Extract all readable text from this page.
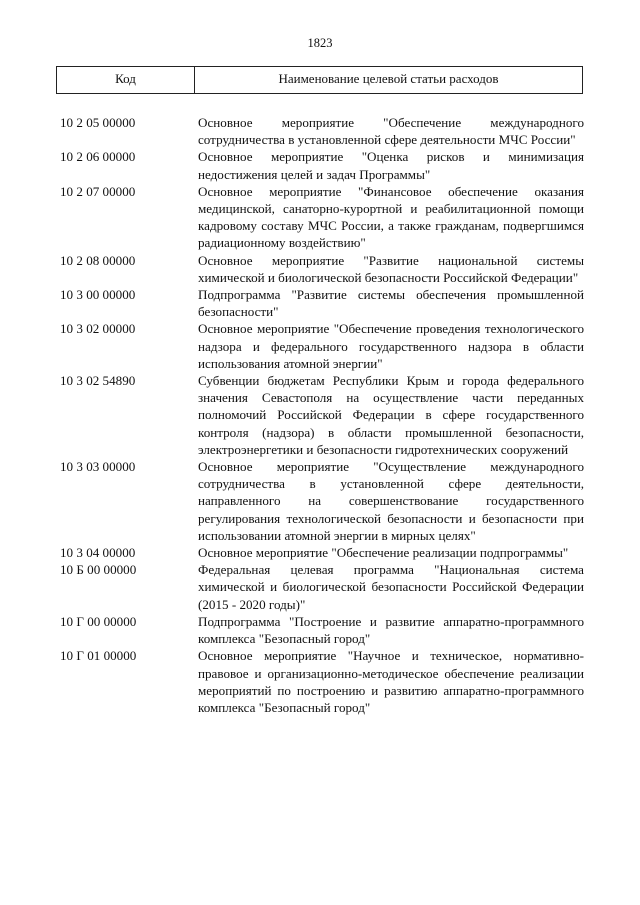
1823
Код	Наименование целевой статьи расходов
10 2 05 00000	Основное мероприятие "Обеспечение международного сотрудничества в установленной сфере деятельности МЧС России"
10 2 06 00000	Основное мероприятие "Оценка рисков и минимизация недостижения целей и задач Программы"
10 2 07 00000	Основное мероприятие "Финансовое обеспечение оказания медицинской, санаторно-курортной и реабилитационной помощи кадровому составу МЧС России, а также гражданам, подвергшимся радиационному воздействию"
10 2 08 00000	Основное мероприятие "Развитие национальной системы химической и биологической безопасности Российской Федерации"
10 3 00 00000	Подпрограмма "Развитие системы обеспечения промышленной безопасности"
10 3 02 00000	Основное мероприятие "Обеспечение проведения технологического надзора и федерального государственного надзора в области использования атомной энергии"
10 3 02 54890	Субвенции бюджетам Республики Крым и города федерального значения Севастополя на осуществление части переданных полномочий Российской Федерации в сфере государственного контроля (надзора) в области промышленной безопасности, электроэнергетики и безопасности гидротехнических сооружений
10 3 03 00000	Основное мероприятие "Осуществление международного сотрудничества в установленной сфере деятельности, направленного на совершенствование государственного регулирования технологической безопасности и безопасности при использовании атомной энергии в мирных целях"
10 3 04 00000	Основное мероприятие "Обеспечение реализации подпрограммы"
10 Б 00 00000	Федеральная целевая программа "Национальная система химической и биологической безопасности Российской Федерации (2015 - 2020 годы)"
10 Г 00 00000	Подпрограмма "Построение и развитие аппаратно-программного комплекса "Безопасный город"
10 Г 01 00000	Основное мероприятие "Научное и техническое, нормативно-правовое и организационно-методическое обеспечение реализации мероприятий по построению и развитию аппаратно-программного комплекса "Безопасный город"
